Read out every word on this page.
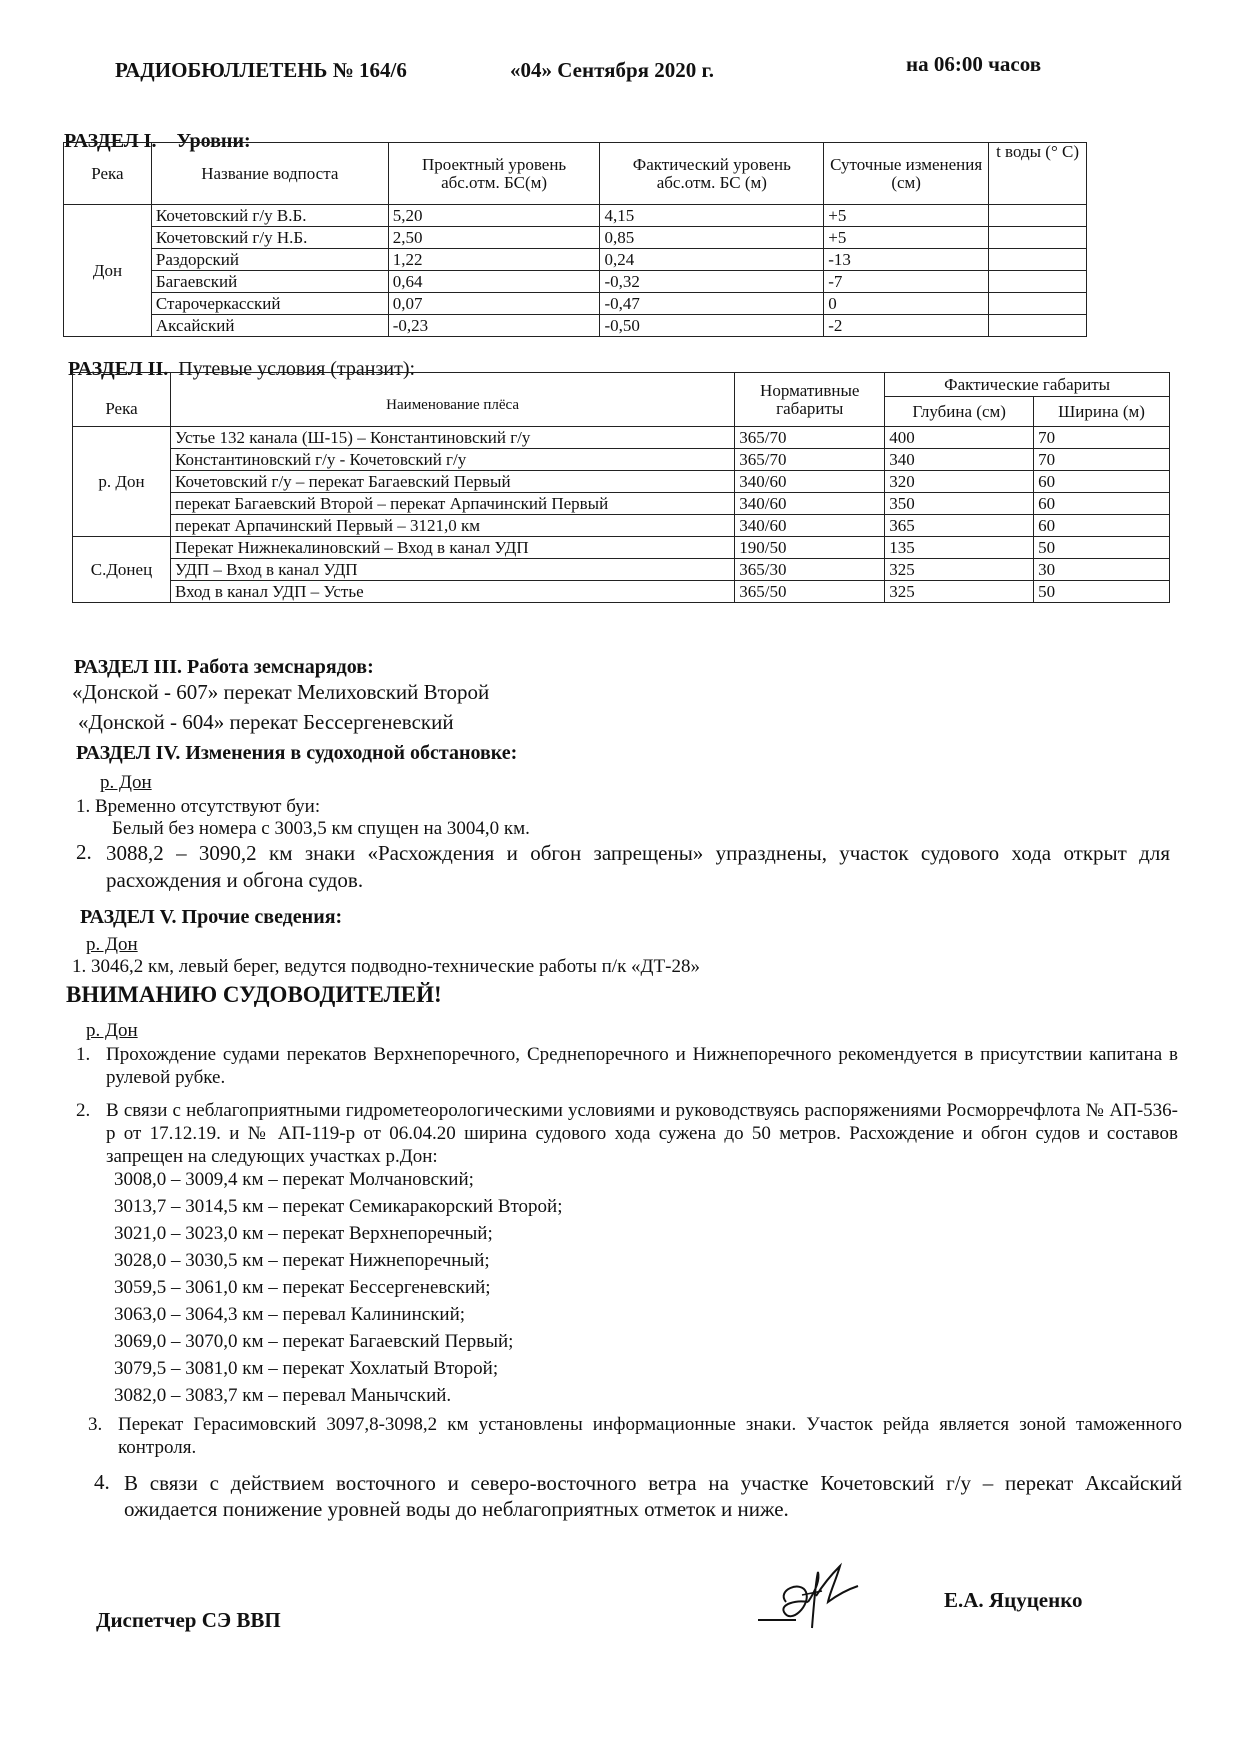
РАДИОБЮЛЛЕТЕНЬ № 164/6	«04» Сентября 2020 г.	на 06:00 часов
РАЗДЕЛ I. Уровни:
Река	Название водпоста	Проектный уровень абс.отм. БС(м)	Фактический уровень абс.отм. БС (м)	Суточные изменения (см)	t воды (° С)
Дон	Кочетовский г/у В.Б.	5,20	4,15	+5	
	Кочетовский г/у Н.Б.	2,50	0,85	+5	
	Раздорский	1,22	0,24	-13	
	Багаевский	0,64	-0,32	-7	
	Старочеркасский	0,07	-0,47	0	
	Аксайский	-0,23	-0,50	-2	
РАЗДЕЛ II. Путевые условия (транзит):
Река	Наименование плёса	Нормативные габариты	Фактические габариты	
			Глубина (см)	Ширина (м)
р. Дон	Устье 132 канала (Ш-15) – Константиновский г/у	365/70	400	70
	Константиновский г/у - Кочетовский г/у	365/70	340	70
	Кочетовский г/у – перекат Багаевский Первый	340/60	320	60
	перекат Багаевский Второй – перекат Арпачинский Первый	340/60	350	60
	перекат Арпачинский Первый – 3121,0 км	340/60	365	60
С.Донец	Перекат Нижнекалиновский – Вход в канал УДП	190/50	135	50
	УДП – Вход в канал УДП	365/30	325	30
	Вход в канал УДП – Устье	365/50	325	50
РАЗДЕЛ III. Работа земснарядов:
«Донской - 607» перекат Мелиховский Второй
«Донской - 604» перекат Бессергеневский
РАЗДЕЛ IV. Изменения в судоходной обстановке:
р. Дон
1. Временно отсутствуют буи:
Белый без номера с 3003,5 км спущен на 3004,0 км.
2. 3088,2 – 3090,2 км знаки «Расхождения и обгон запрещены» упразднены, участок судового хода открыт для расхождения и обгона судов.
РАЗДЕЛ V. Прочие сведения:
р. Дон
1. 3046,2 км, левый берег, ведутся подводно-технические работы п/к «ДТ-28»
ВНИМАНИЮ СУДОВОДИТЕЛЕЙ!
р. Дон
1. Прохождение судами перекатов Верхнепоречного, Среднепоречного и Нижнепоречного рекомендуется в присутствии капитана в рулевой рубке.
2. В связи с неблагоприятными гидрометеорологическими условиями и руководствуясь распоряжениями Росморречфлота № АП-536-р от 17.12.19. и № АП-119-р от 06.04.20 ширина судового хода сужена до 50 метров. Расхождение и обгон судов и составов запрещен на следующих участках р.Дон:
3008,0 – 3009,4 км – перекат Молчановский;
3013,7 – 3014,5 км – перекат Семикаракорский Второй;
3021,0 – 3023,0 км – перекат Верхнепоречный;
3028,0 – 3030,5 км – перекат Нижнепоречный;
3059,5 – 3061,0 км – перекат Бессергеневский;
3063,0 – 3064,3 км – перевал Калининский;
3069,0 – 3070,0 км – перекат Багаевский Первый;
3079,5 – 3081,0 км – перекат Хохлатый Второй;
3082,0 – 3083,7 км – перевал Манычский.
3. Перекат Герасимовский 3097,8-3098,2 км установлены информационные знаки. Участок рейда является зоной таможенного контроля.
4. В связи с действием восточного и северо-восточного ветра на участке Кочетовский г/у – перекат Аксайский ожидается понижение уровней воды до неблагоприятных отметок и ниже.
Диспетчер СЭ ВВП
Е.А. Яцуценко
